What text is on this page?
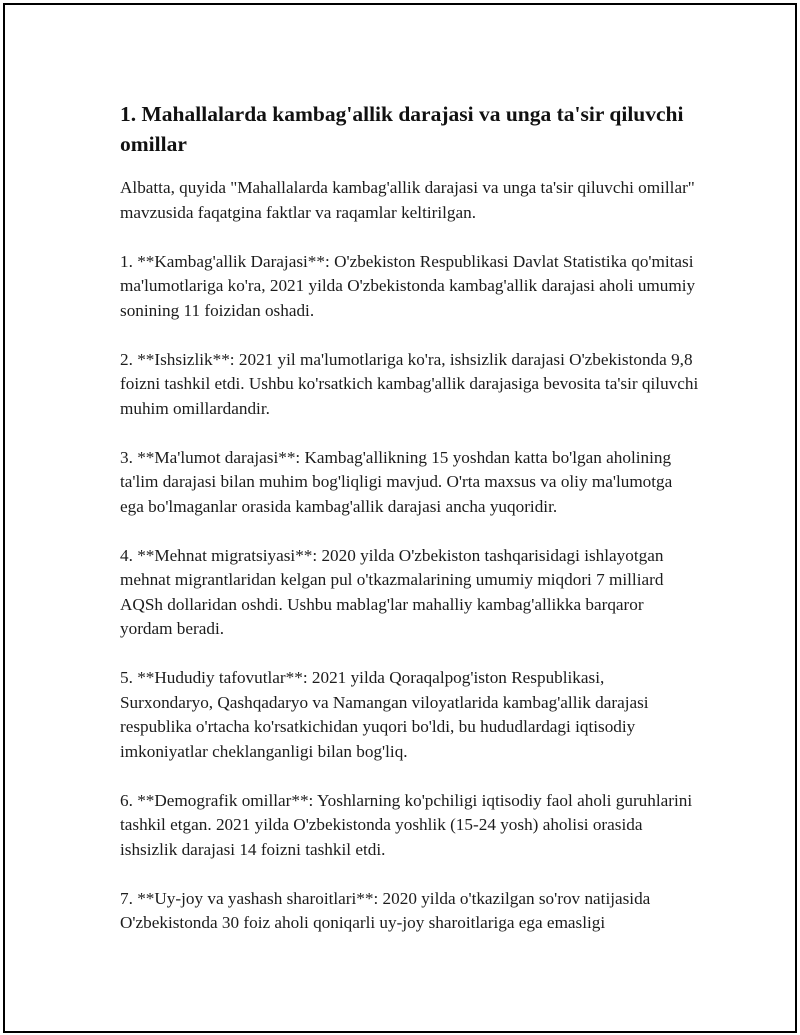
1. Mahallalarda kambag'allik darajasi va unga ta'sir qiluvchi omillar

Albatta, quyida "Mahallalarda kambag'allik darajasi va unga ta'sir qiluvchi omillar" mavzusida faqatgina faktlar va raqamlar keltirilgan.

1. **Kambag'allik Darajasi**: O'zbekiston Respublikasi Davlat Statistika qo'mitasi ma'lumotlariga ko'ra, 2021 yilda O'zbekistonda kambag'allik darajasi aholi umumiy sonining 11 foizidan oshadi.

2. **Ishsizlik**: 2021 yil ma'lumotlariga ko'ra, ishsizlik darajasi O'zbekistonda 9,8 foizni tashkil etdi. Ushbu ko'rsatkich kambag'allik darajasiga bevosita ta'sir qiluvchi muhim omillardandir.

3. **Ma'lumot darajasi**: Kambag'allikning 15 yoshdan katta bo'lgan aholining ta'lim darajasi bilan muhim bog'liqligi mavjud. O'rta maxsus va oliy ma'lumotga ega bo'lmaganlar orasida kambag'allik darajasi ancha yuqoridir.

4. **Mehnat migratsiyasi**: 2020 yilda O'zbekiston tashqarisidagi ishlayotgan mehnat migrantlaridan kelgan pul o'tkazmalarining umumiy miqdori 7 milliard AQSh dollaridan oshdi. Ushbu mablag'lar mahalliy kambag'allikka barqaror yordam beradi.

5. **Hududiy tafovutlar**: 2021 yilda Qoraqalpog'iston Respublikasi, Surxondaryo, Qashqadaryo va Namangan viloyatlarida kambag'allik darajasi respublika o'rtacha ko'rsatkichidan yuqori bo'ldi, bu hududlardagi iqtisodiy imkoniyatlar cheklanganligi bilan bog'liq.

6. **Demografik omillar**: Yoshlarning ko'pchiligi iqtisodiy faol aholi guruhlarini tashkil etgan. 2021 yilda O'zbekistonda yoshlik (15-24 yosh) aholisi orasida ishsizlik darajasi 14 foizni tashkil etdi.

7. **Uy-joy va yashash sharoitlari**: 2020 yilda o'tkazilgan so'rov natijasida O'zbekistonda 30 foiz aholi qoniqarli uy-joy sharoitlariga ega emasligi
